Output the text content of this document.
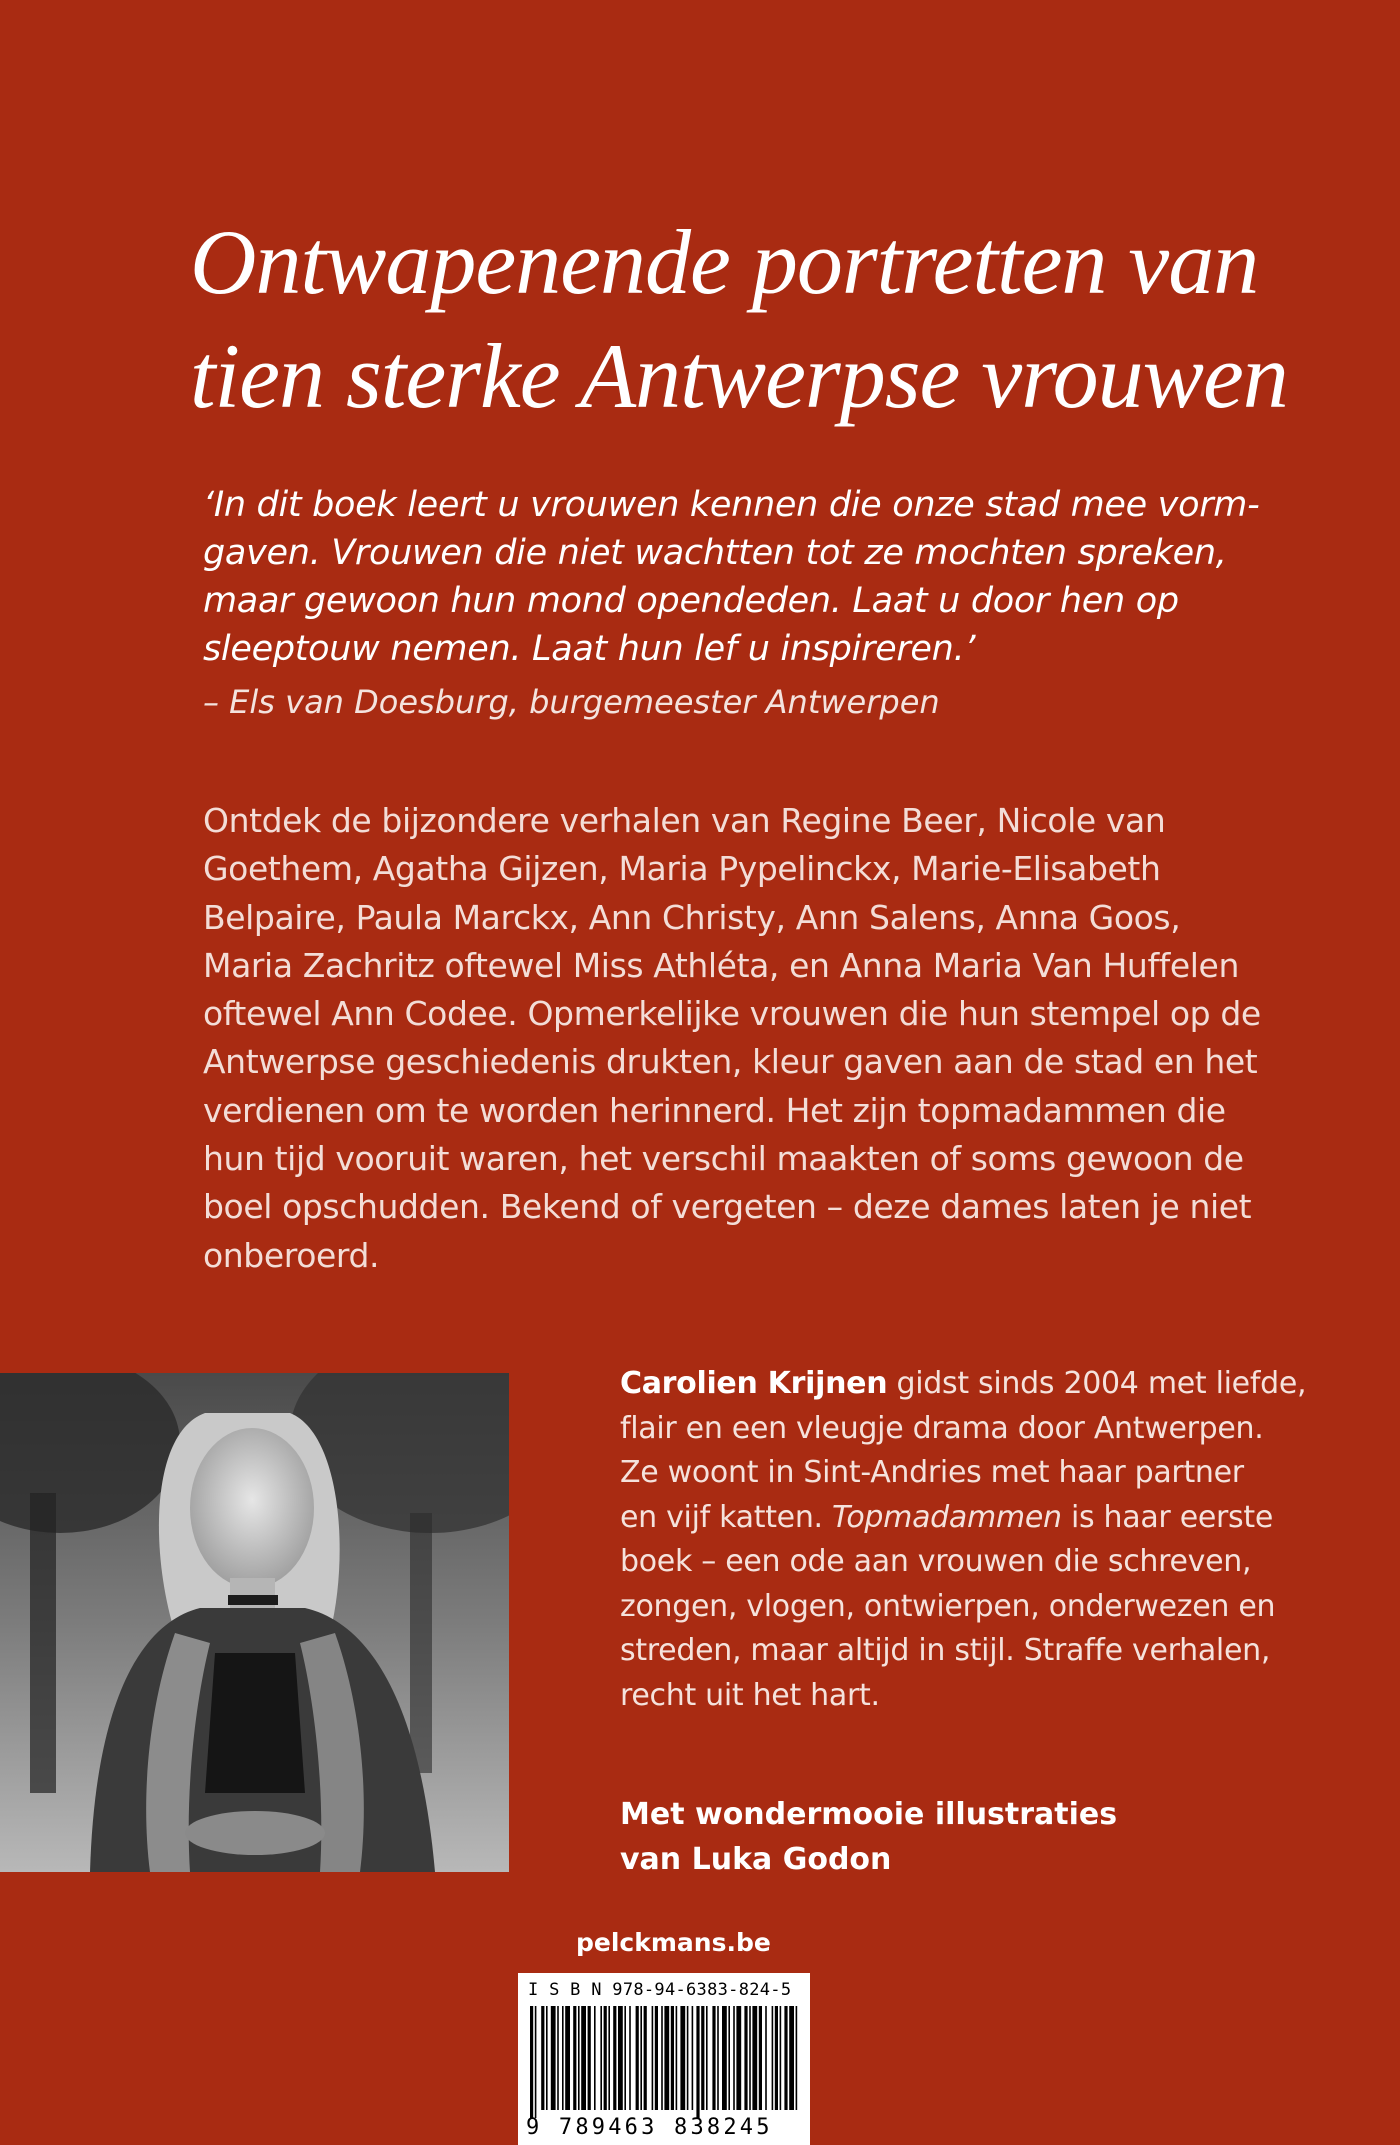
Ontwapenende portretten van
tien sterke Antwerpse vrouwen
‘In dit boek leert u vrouwen kennen die onze stad mee vorm-
gaven. Vrouwen die niet wachtten tot ze mochten spreken,
maar gewoon hun mond opendeden. Laat u door hen op
sleeptouw nemen. Laat hun lef u inspireren.’
– Els van Doesburg, burgemeester Antwerpen
Ontdek de bijzondere verhalen van Regine Beer, Nicole van
Goethem, Agatha Gijzen, Maria Pypelinckx, Marie-Elisabeth
Belpaire, Paula Marckx, Ann Christy, Ann Salens, Anna Goos,
Maria Zachritz oftewel Miss Athléta, en Anna Maria Van Huffelen
oftewel Ann Codee. Opmerkelijke vrouwen die hun stempel op de
Antwerpse geschiedenis drukten, kleur gaven aan de stad en het
verdienen om te worden herinnerd. Het zijn topmadammen die
hun tijd vooruit waren, het verschil maakten of soms gewoon de
boel opschudden. Bekend of vergeten – deze dames laten je niet
onberoerd.
Carolien Krijnen gidst sinds 2004 met liefde,
flair en een vleugje drama door Antwerpen.
Ze woont in Sint-Andries met haar partner
en vijf katten. Topmadammen is haar eerste
boek – een ode aan vrouwen die schreven,
zongen, vlogen, ontwierpen, onderwezen en
streden, maar altijd in stijl. Straffe verhalen,
recht uit het hart.
Met wondermooie illustraties
van Luka Godon
pelckmans.be
I S B N 978-94-6383-824-5
9 789463 838245
